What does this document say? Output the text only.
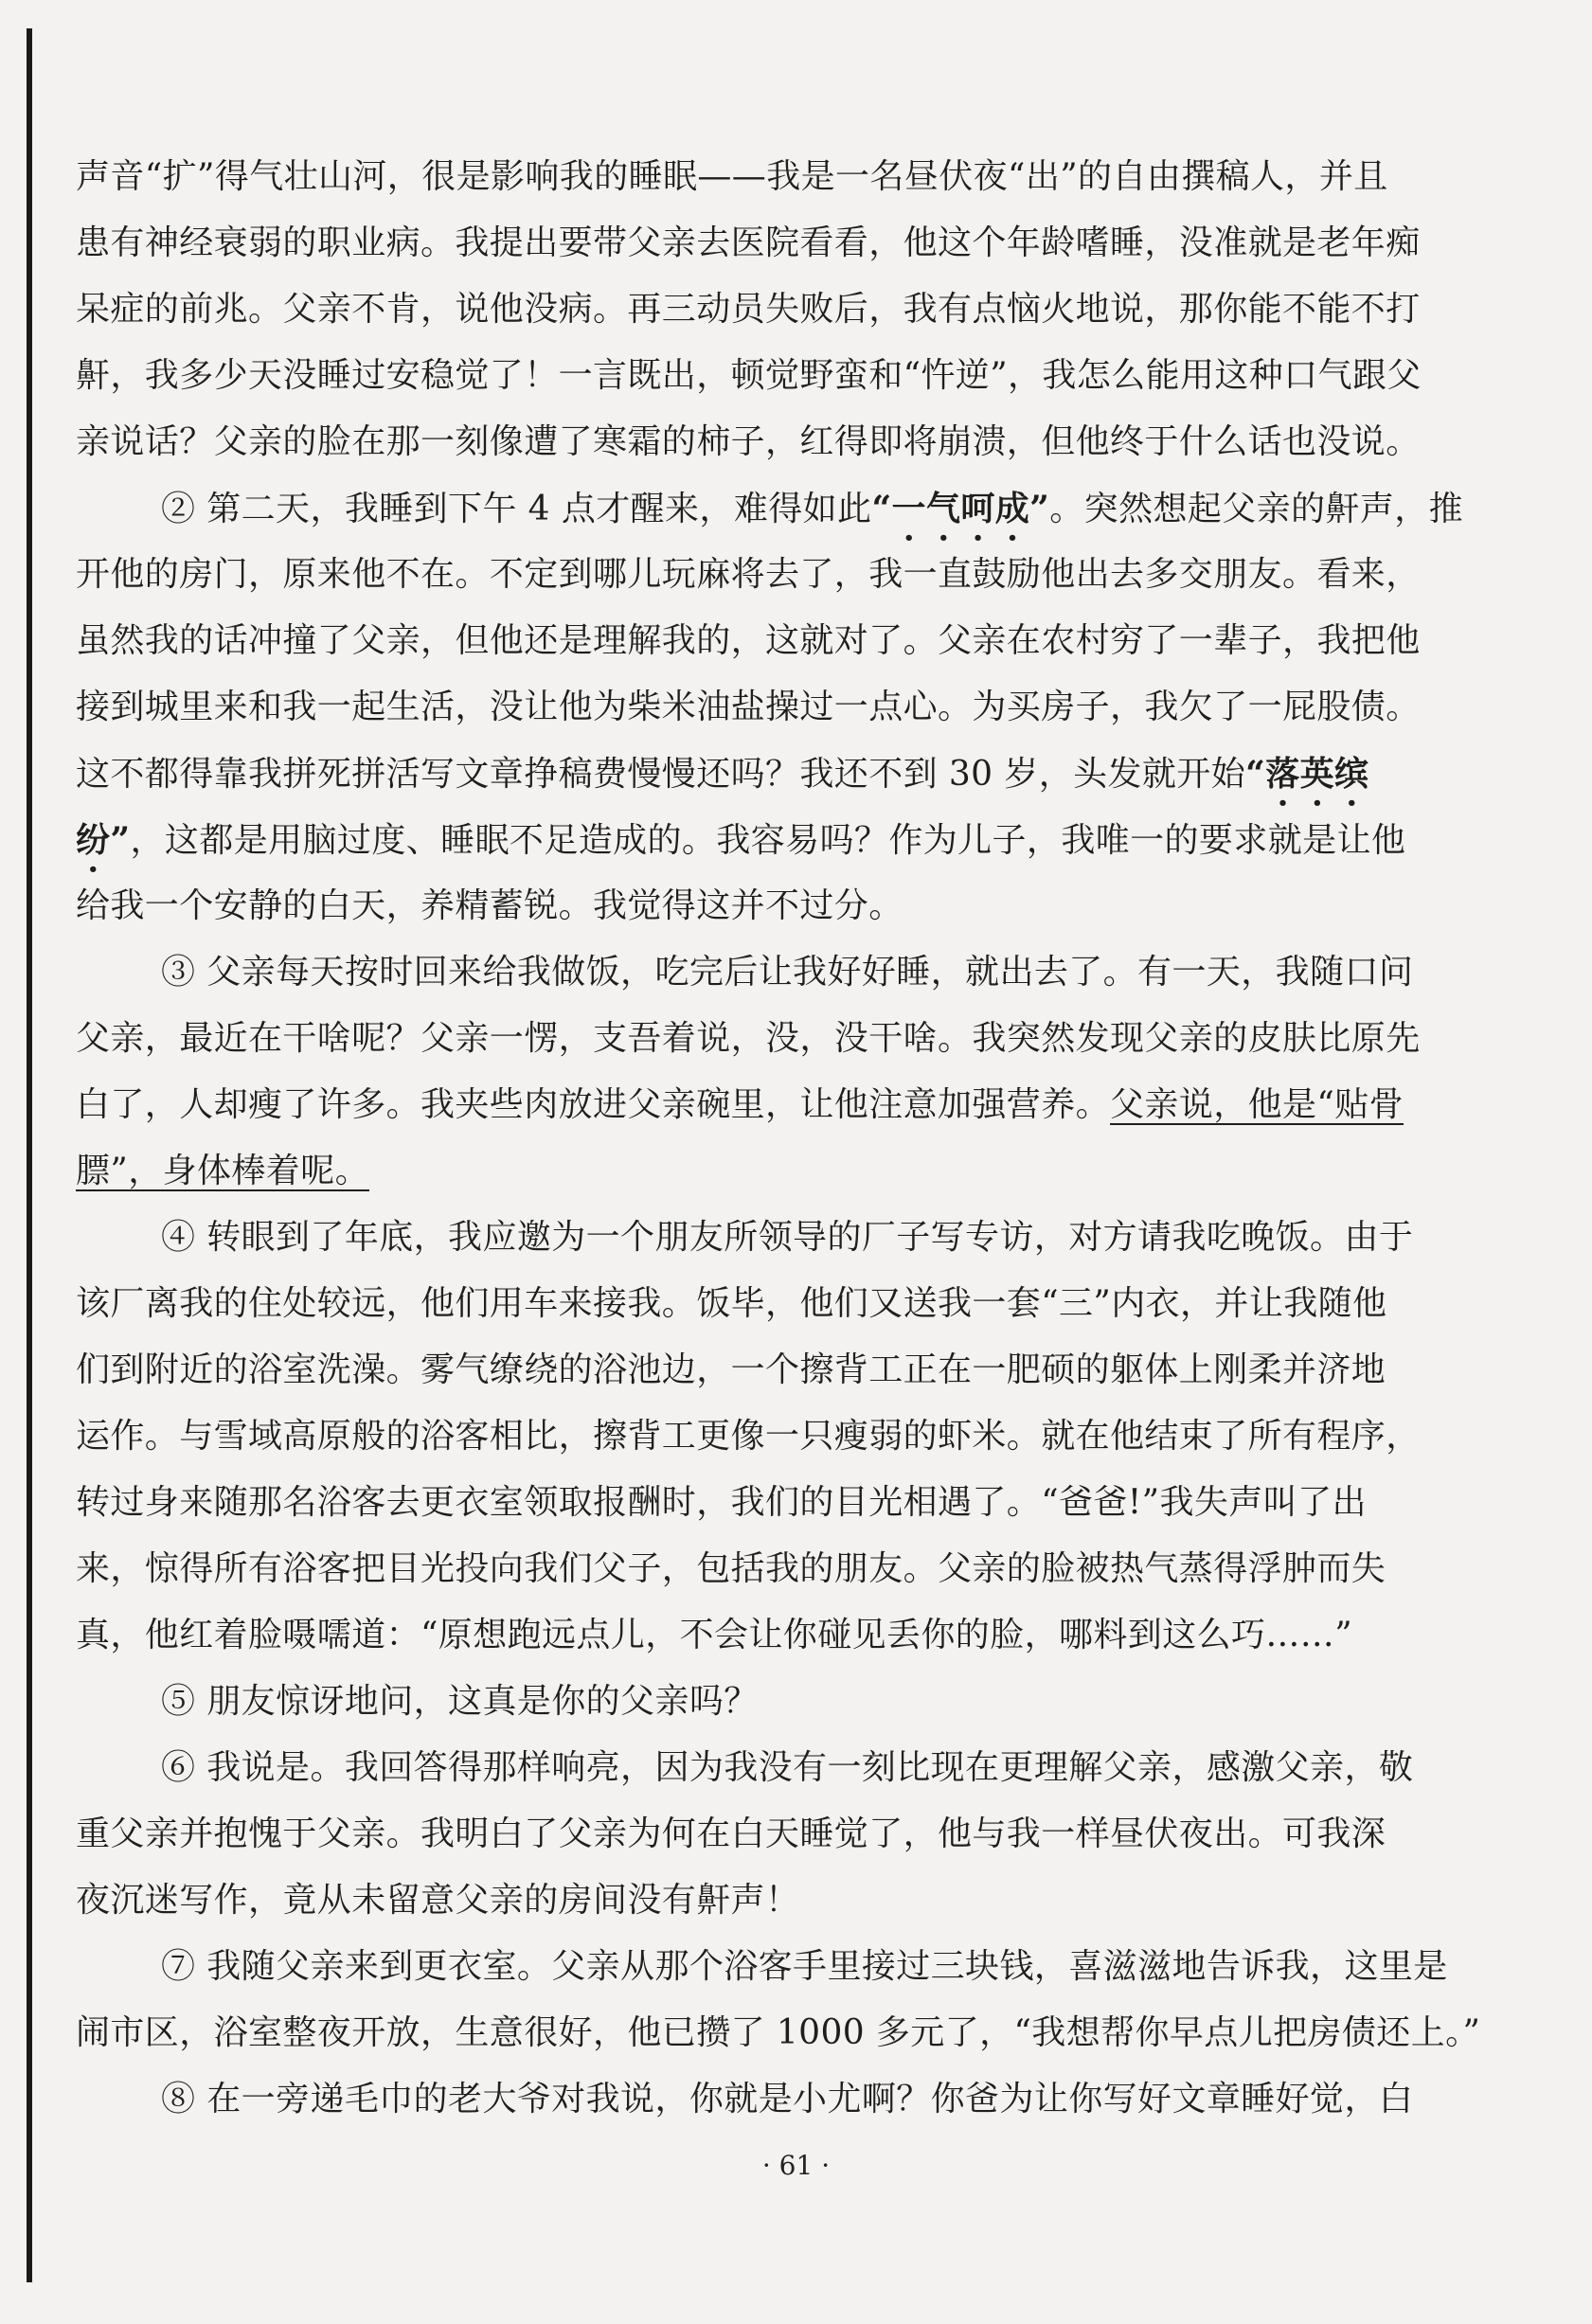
声音“扩”得气壮山河，很是影响我的睡眠——我是一名昼伏夜“出”的自由撰稿人，并且
患有神经衰弱的职业病。我提出要带父亲去医院看看，他这个年龄嗜睡，没准就是老年痴
呆症的前兆。父亲不肯，说他没病。再三动员失败后，我有点恼火地说，那你能不能不打
鼾，我多少天没睡过安稳觉了！一言既出，顿觉野蛮和“忤逆”，我怎么能用这种口气跟父
亲说话？父亲的脸在那一刻像遭了寒霜的柿子，红得即将崩溃，但他终于什么话也没说。
② 第二天，我睡到下午 4 点才醒来，难得如此“一气呵成”。突然想起父亲的鼾声，推
开他的房门，原来他不在。不定到哪儿玩麻将去了，我一直鼓励他出去多交朋友。看来，
虽然我的话冲撞了父亲，但他还是理解我的，这就对了。父亲在农村穷了一辈子，我把他
接到城里来和我一起生活，没让他为柴米油盐操过一点心。为买房子，我欠了一屁股债。
这不都得靠我拼死拼活写文章挣稿费慢慢还吗？我还不到 30 岁，头发就开始“落英缤
纷”，这都是用脑过度、睡眠不足造成的。我容易吗？作为儿子，我唯一的要求就是让他
给我一个安静的白天，养精蓄锐。我觉得这并不过分。
③ 父亲每天按时回来给我做饭，吃完后让我好好睡，就出去了。有一天，我随口问
父亲，最近在干啥呢？父亲一愣，支吾着说，没，没干啥。我突然发现父亲的皮肤比原先
白了，人却瘦了许多。我夹些肉放进父亲碗里，让他注意加强营养。父亲说，他是“贴骨
膘”，身体棒着呢。
④ 转眼到了年底，我应邀为一个朋友所领导的厂子写专访，对方请我吃晚饭。由于
该厂离我的住处较远，他们用车来接我。饭毕，他们又送我一套“三”内衣，并让我随他
们到附近的浴室洗澡。雾气缭绕的浴池边，一个擦背工正在一肥硕的躯体上刚柔并济地
运作。与雪域高原般的浴客相比，擦背工更像一只瘦弱的虾米。就在他结束了所有程序，
转过身来随那名浴客去更衣室领取报酬时，我们的目光相遇了。“爸爸!”我失声叫了出
来，惊得所有浴客把目光投向我们父子，包括我的朋友。父亲的脸被热气蒸得浮肿而失
真，他红着脸嗫嚅道：“原想跑远点儿，不会让你碰见丢你的脸，哪料到这么巧……”
⑤ 朋友惊讶地问，这真是你的父亲吗？
⑥ 我说是。我回答得那样响亮，因为我没有一刻比现在更理解父亲，感激父亲，敬
重父亲并抱愧于父亲。我明白了父亲为何在白天睡觉了，他与我一样昼伏夜出。可我深
夜沉迷写作，竟从未留意父亲的房间没有鼾声！
⑦ 我随父亲来到更衣室。父亲从那个浴客手里接过三块钱，喜滋滋地告诉我，这里是
闹市区，浴室整夜开放，生意很好，他已攒了 1000 多元了，“我想帮你早点儿把房债还上。”
⑧ 在一旁递毛巾的老大爷对我说，你就是小尤啊？你爸为让你写好文章睡好觉，白
· 61 ·
